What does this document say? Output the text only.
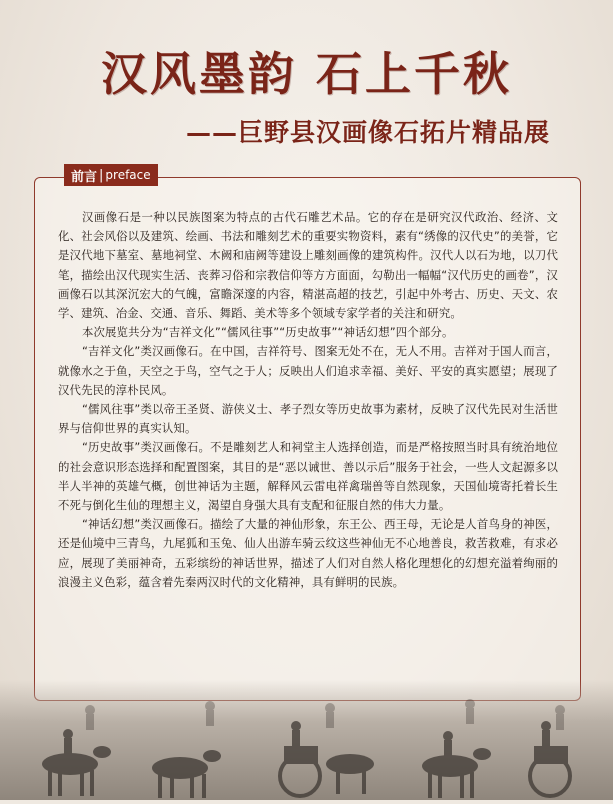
汉风墨韵 石上千秋
——巨野县汉画像石拓片精品展
前言 | preface

汉画像石是一种以民族图案为特点的古代石雕艺术品。它的存在是研究汉代政治、经济、文化、社会风俗以及建筑、绘画、书法和雕刻艺术的重要实物资料，素有“绣像的汉代史”的美誉，它是汉代地下墓室、墓地祠堂、木阙和庙阙等建设上雕刻画像的建筑构件。汉代人以石为地，以刀代笔，描绘出汉代现实生活、丧葬习俗和宗教信仰等方方面面，勾勒出一幅幅“汉代历史的画卷”，汉画像石以其深沉宏大的气魄，富瞻深邃的内容，精湛高超的技艺，引起中外考古、历史、天文、农学、建筑、冶金、交通、音乐、舞蹈、美术等多个领域专家学者的关注和研究。

本次展览共分为“吉祥文化”“儒风往事”“历史故事”“神话幻想”四个部分。

“吉祥文化”类汉画像石。在中国，吉祥符号、图案无处不在，无人不用。吉祥对于国人而言，就像水之于鱼，天空之于鸟，空气之于人；反映出人们追求幸福、美好、平安的真实愿望；展现了汉代先民的淳朴民风。

“儒风往事”类以帝王圣贤、游侠义士、孝子烈女等历史故事为素材，反映了汉代先民对生活世界与信仰世界的真实认知。

“历史故事”类汉画像石。不是雕刻艺人和祠堂主人选择创造，而是严格按照当时具有统治地位的社会意识形态选择和配置图案，其目的是“恶以诫世、善以示后”服务于社会，一些人文起源多以半人半神的英雄气概，创世神话为主题，解释风云雷电祥禽瑞兽等自然现象，天国仙境寄托着长生不死与倒化生仙的理想主义，渴望自身强大具有支配和征服自然的伟大力量。

“神话幻想”类汉画像石。描绘了大量的神仙形象，东王公、西王母，无论是人首鸟身的神医，还是仙境中三青鸟，九尾狐和玉兔、仙人出游车骑云纹这些神仙无不心地善良，救苦救难，有求必应，展现了美丽神奇，五彩缤纷的神话世界，描述了人们对自然人格化理想化的幻想充溢着绚丽的浪漫主义色彩，蕴含着先秦两汉时代的文化精神，具有鲜明的民族。
